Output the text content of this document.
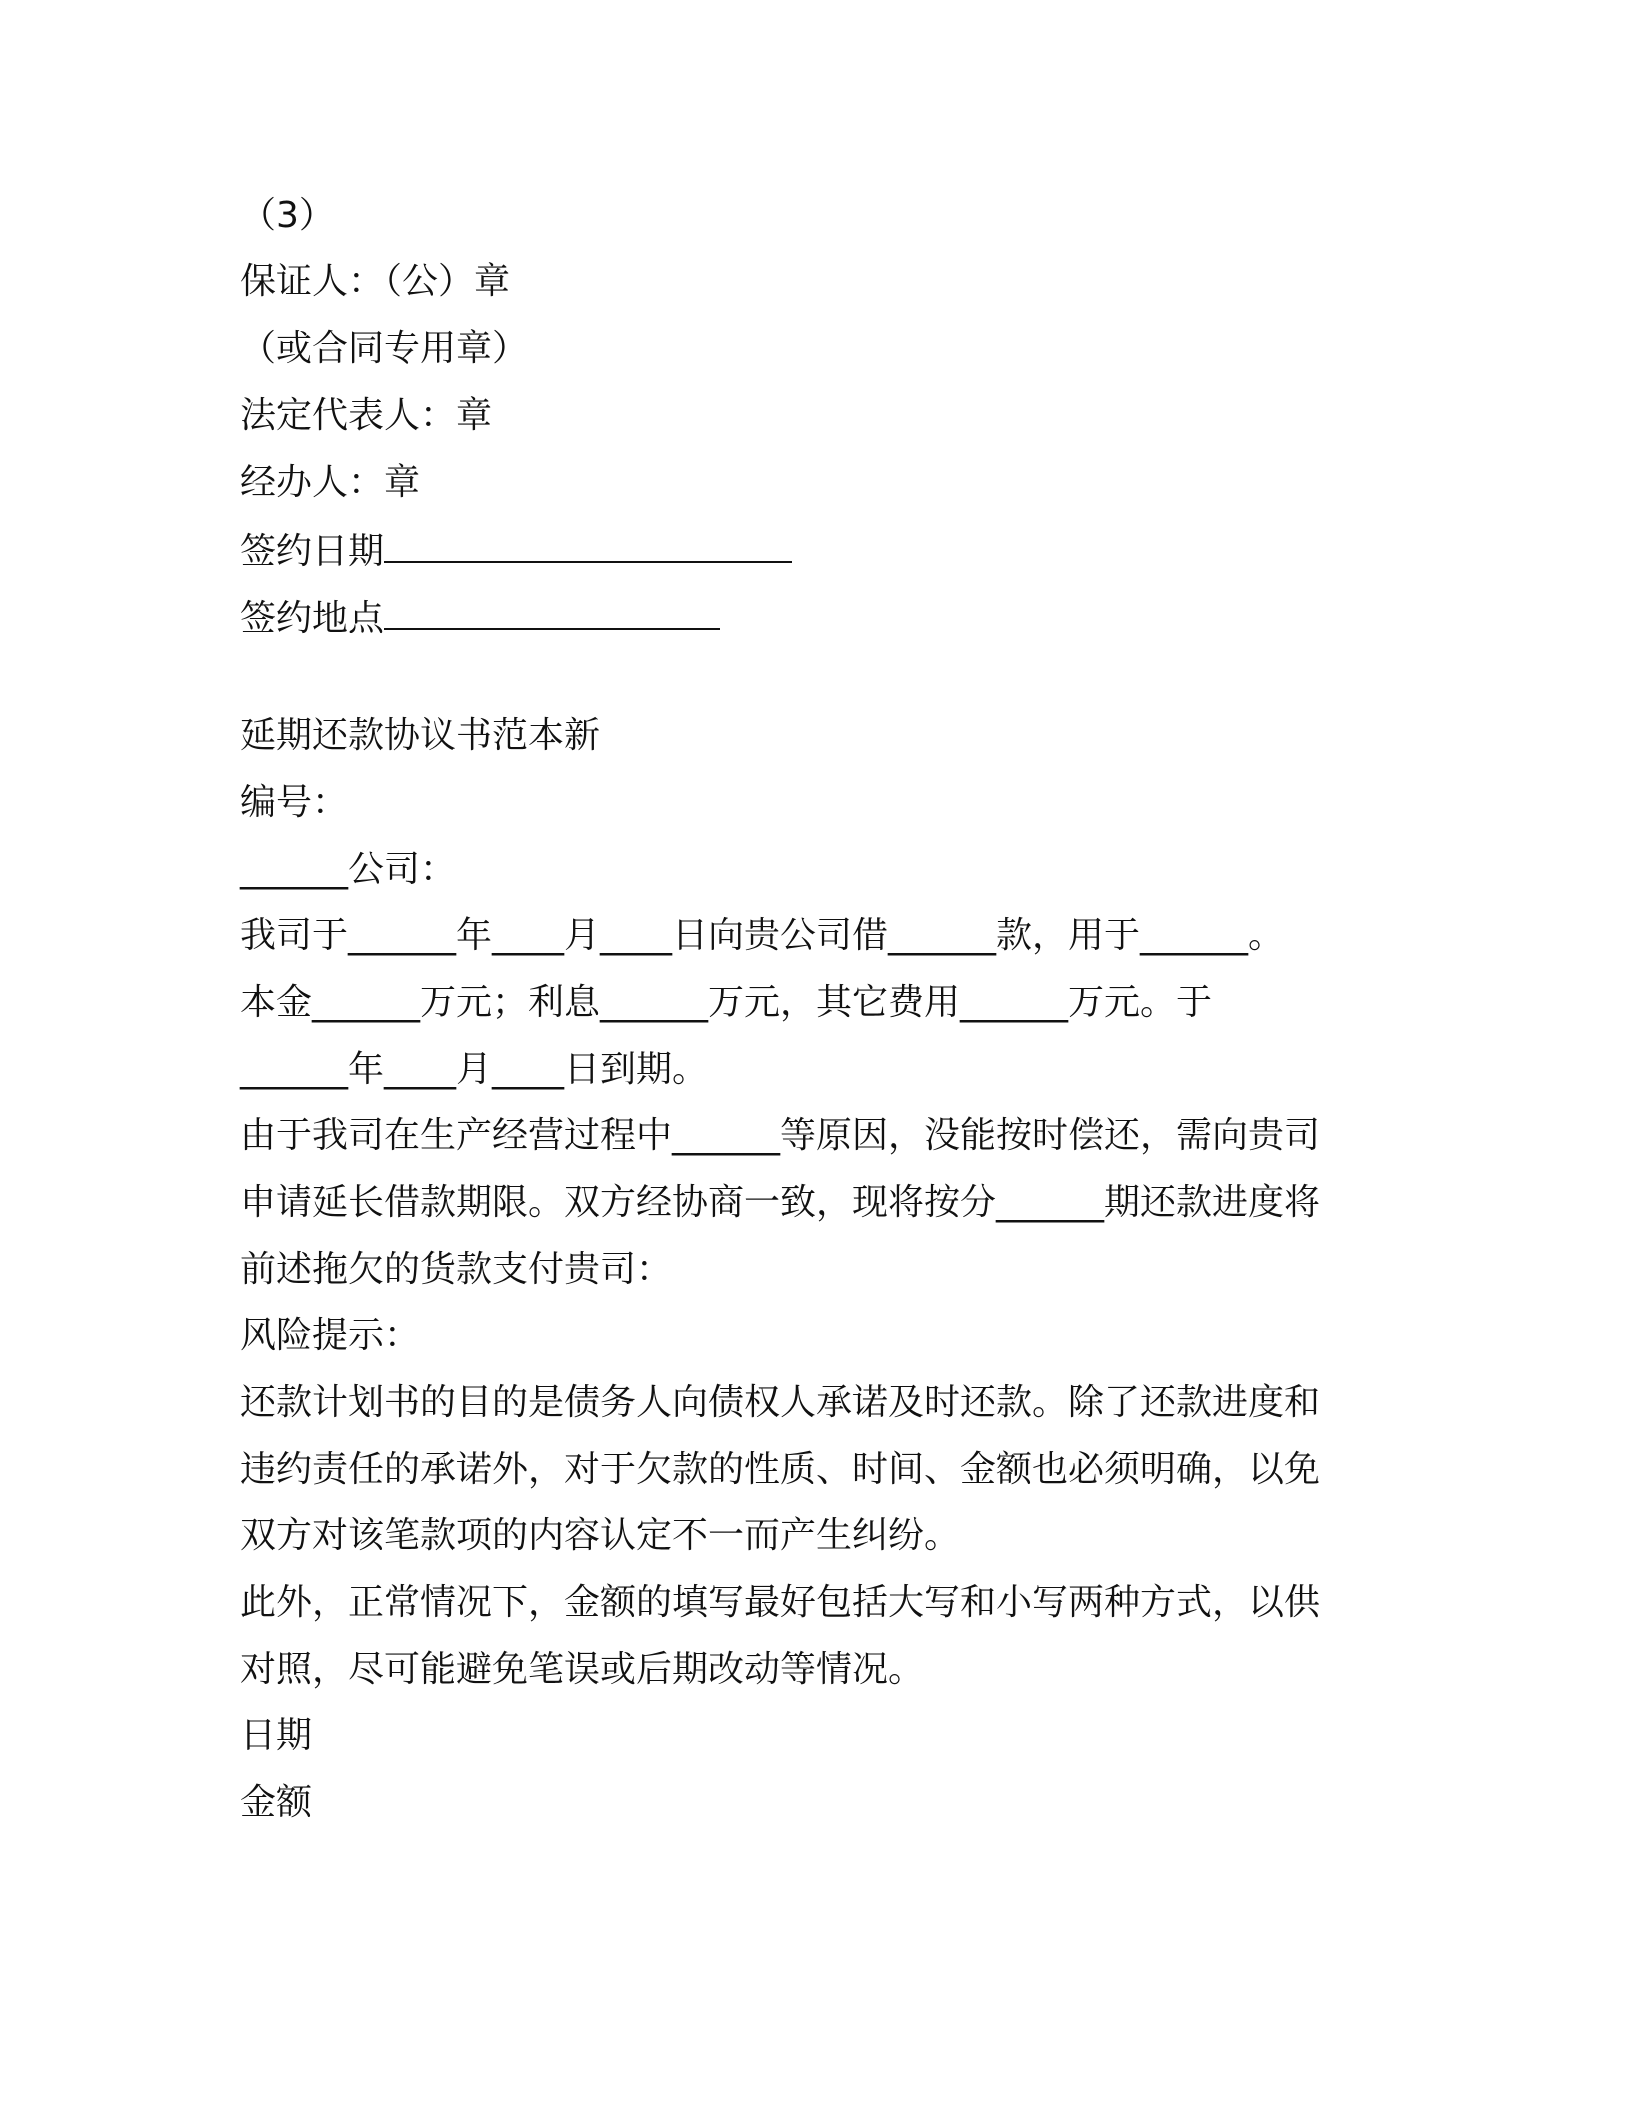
（3）
保证人：（公）章
（或合同专用章）
法定代表人：章
经办人：章
签约日期
签约地点
延期还款协议书范本新
编号：
______公司：
我司于______年____月____日向贵公司借______款，用于______。
本金______万元；利息______万元，其它费用______万元。于
______年____月____日到期。
由于我司在生产经营过程中______等原因，没能按时偿还，需向贵司
申请延长借款期限。双方经协商一致，现将按分______期还款进度将
前述拖欠的货款支付贵司：
风险提示：
还款计划书的目的是债务人向债权人承诺及时还款。除了还款进度和
违约责任的承诺外，对于欠款的性质、时间、金额也必须明确，以免
双方对该笔款项的内容认定不一而产生纠纷。
此外，正常情况下，金额的填写最好包括大写和小写两种方式，以供
对照，尽可能避免笔误或后期改动等情况。
日期
金额
